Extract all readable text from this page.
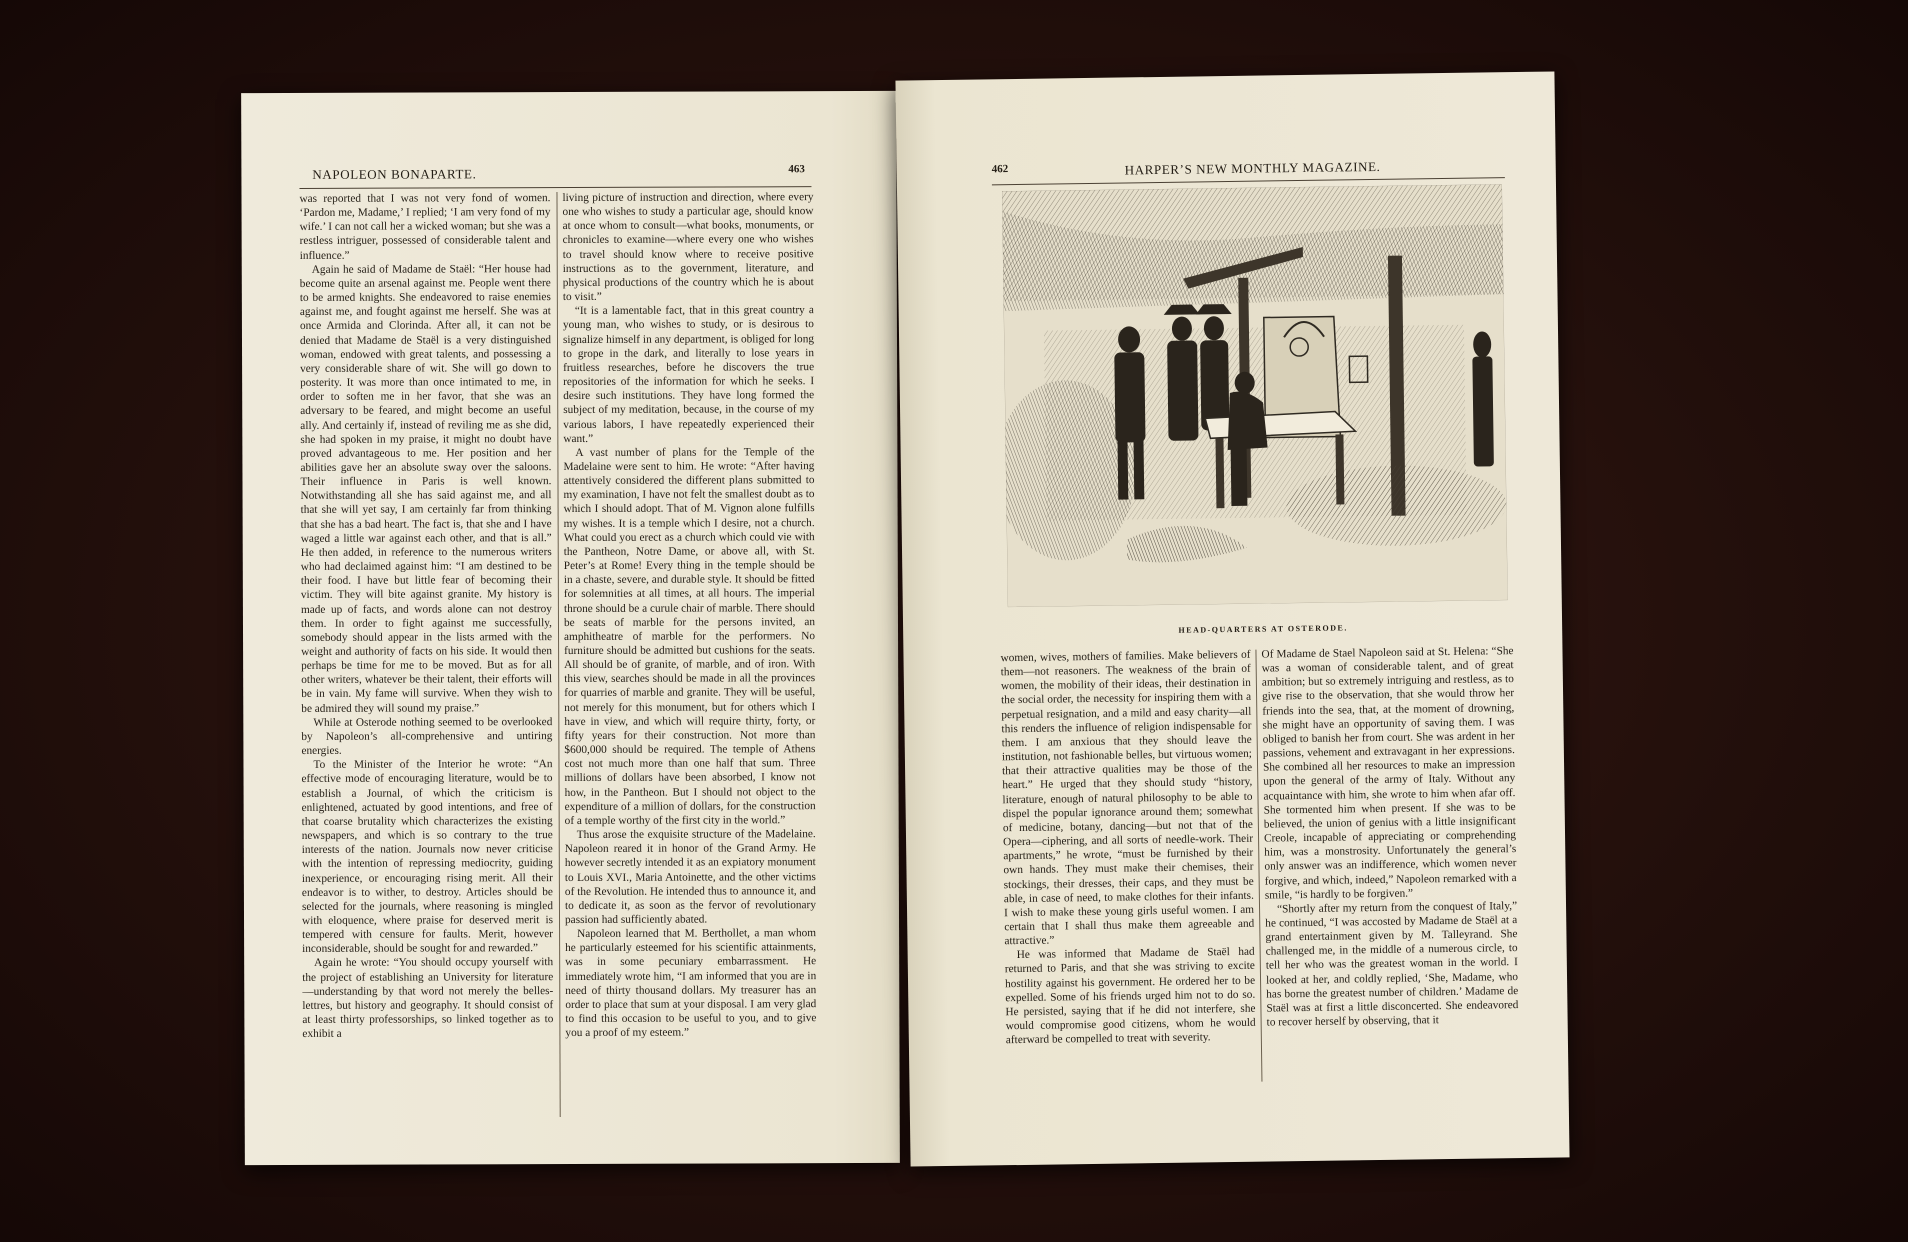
NAPOLEON BONAPARTE.	463

was reported that I was not very fond of women. ‘Pardon me, Madame,’ I replied; ‘I am very fond of my wife.’ I can not call her a wicked woman; but she was a restless intriguer, possessed of considerable talent and influence.”

Again he said of Madame de Staël: “Her house had become quite an arsenal against me. People went there to be armed knights. She endeavored to raise enemies against me, and fought against me herself. She was at once Armida and Clorinda. After all, it can not be denied that Madame de Staël is a very distinguished woman, endowed with great talents, and possessing a very considerable share of wit. She will go down to posterity. It was more than once intimated to me, in order to soften me in her favor, that she was an adversary to be feared, and might become an useful ally. And certainly if, instead of reviling me as she did, she had spoken in my praise, it might no doubt have proved advantageous to me. Her position and her abilities gave her an absolute sway over the saloons. Their influence in Paris is well known. Notwithstanding all she has said against me, and all that she will yet say, I am certainly far from thinking that she has a bad heart. The fact is, that she and I have waged a little war against each other, and that is all.” He then added, in reference to the numerous writers who had declaimed against him: “I am destined to be their food. I have but little fear of becoming their victim. They will bite against granite. My history is made up of facts, and words alone can not destroy them. In order to fight against me successfully, somebody should appear in the lists armed with the weight and authority of facts on his side. It would then perhaps be time for me to be moved. But as for all other writers, whatever be their talent, their efforts will be in vain. My fame will survive. When they wish to be admired they will sound my praise.”

While at Osterode nothing seemed to be overlooked by Napoleon’s all-comprehensive and untiring energies.

To the Minister of the Interior he wrote: “An effective mode of encouraging literature, would be to establish a Journal, of which the criticism is enlightened, actuated by good intentions, and free of that coarse brutality which characterizes the existing newspapers, and which is so contrary to the true interests of the nation. Journals now never criticise with the intention of repressing mediocrity, guiding inexperience, or encouraging rising merit. All their endeavor is to wither, to destroy. Articles should be selected for the journals, where reasoning is mingled with eloquence, where praise for deserved merit is tempered with censure for faults. Merit, however inconsiderable, should be sought for and rewarded.”

Again he wrote: “You should occupy yourself with the project of establishing an University for literature—understanding by that word not merely the belles-lettres, but history and geography. It should consist of at least thirty professorships, so linked together as to exhibit a

living picture of instruction and direction, where every one who wishes to study a particular age, should know at once whom to consult—what books, monuments, or chronicles to examine—where every one who wishes to travel should know where to receive positive instructions as to the government, literature, and physical productions of the country which he is about to visit.”

“It is a lamentable fact, that in this great country a young man, who wishes to study, or is desirous to signalize himself in any department, is obliged for long to grope in the dark, and literally to lose years in fruitless researches, before he discovers the true repositories of the information for which he seeks. I desire such institutions. They have long formed the subject of my meditation, because, in the course of my various labors, I have repeatedly experienced their want.”

A vast number of plans for the Temple of the Madelaine were sent to him. He wrote: “After having attentively considered the different plans submitted to my examination, I have not felt the smallest doubt as to which I should adopt. That of M. Vignon alone fulfills my wishes. It is a temple which I desire, not a church. What could you erect as a church which could vie with the Pantheon, Notre Dame, or above all, with St. Peter’s at Rome! Every thing in the temple should be in a chaste, severe, and durable style. It should be fitted for solemnities at all times, at all hours. The imperial throne should be a curule chair of marble. There should be seats of marble for the persons invited, an amphitheatre of marble for the performers. No furniture should be admitted but cushions for the seats. All should be of granite, of marble, and of iron. With this view, searches should be made in all the provinces for quarries of marble and granite. They will be useful, not merely for this monument, but for others which I have in view, and which will require thirty, forty, or fifty years for their construction. Not more than $600,000 should be required. The temple of Athens cost not much more than one half that sum. Three millions of dollars have been absorbed, I know not how, in the Pantheon. But I should not object to the expenditure of a million of dollars, for the construction of a temple worthy of the first city in the world.”

Thus arose the exquisite structure of the Madelaine. Napoleon reared it in honor of the Grand Army. He however secretly intended it as an expiatory monument to Louis XVI., Maria Antoinette, and the other victims of the Revolution. He intended thus to announce it, and to dedicate it, as soon as the fervor of revolutionary passion had sufficiently abated.

Napoleon learned that M. Berthollet, a man whom he particularly esteemed for his scientific attainments, was in some pecuniary embarrassment. He immediately wrote him, “I am informed that you are in need of thirty thousand dollars. My treasurer has an order to place that sum at your disposal. I am very glad to find this occasion to be useful to you, and to give you a proof of my esteem.”

462	HARPER’S NEW MONTHLY MAGAZINE.
HEAD-QUARTERS AT OSTERODE.

women, wives, mothers of families. Make believers of them—not reasoners. The weakness of the brain of women, the mobility of their ideas, their destination in the social order, the necessity for inspiring them with a perpetual resignation, and a mild and easy charity—all this renders the influence of religion indispensable for them. I am anxious that they should leave the institution, not fashionable belles, but virtuous women; that their attractive qualities may be those of the heart.” He urged that they should study “history, literature, enough of natural philosophy to be able to dispel the popular ignorance around them; somewhat of medicine, botany, dancing—but not that of the Opera—ciphering, and all sorts of needle-work. Their apartments,” he wrote, “must be furnished by their own hands. They must make their chemises, their stockings, their dresses, their caps, and they must be able, in case of need, to make clothes for their infants. I wish to make these young girls useful women. I am certain that I shall thus make them agreeable and attractive.”

He was informed that Madame de Staël had returned to Paris, and that she was striving to excite hostility against his government. He ordered her to be expelled. Some of his friends urged him not to do so. He persisted, saying that if he did not interfere, she would compromise good citizens, whom he would afterward be compelled to treat with severity.

Of Madame de Stael Napoleon said at St. Helena: “She was a woman of considerable talent, and of great ambition; but so extremely intriguing and restless, as to give rise to the observation, that she would throw her friends into the sea, that, at the moment of drowning, she might have an opportunity of saving them. I was obliged to banish her from court. She was ardent in her passions, vehement and extravagant in her expressions. She combined all her resources to make an impression upon the general of the army of Italy. Without any acquaintance with him, she wrote to him when afar off. She tormented him when present. If she was to be believed, the union of genius with a little insignificant Creole, incapable of appreciating or comprehending him, was a monstrosity. Unfortunately the general’s only answer was an indifference, which women never forgive, and which, indeed,” Napoleon remarked with a smile, “is hardly to be forgiven.”

“Shortly after my return from the conquest of Italy,” he continued, “I was accosted by Madame de Staël at a grand entertainment given by M. Talleyrand. She challenged me, in the middle of a numerous circle, to tell her who was the greatest woman in the world. I looked at her, and coldly replied, ‘She, Madame, who has borne the greatest number of children.’ Madame de Staël was at first a little disconcerted. She endeavored to recover herself by observing, that it
